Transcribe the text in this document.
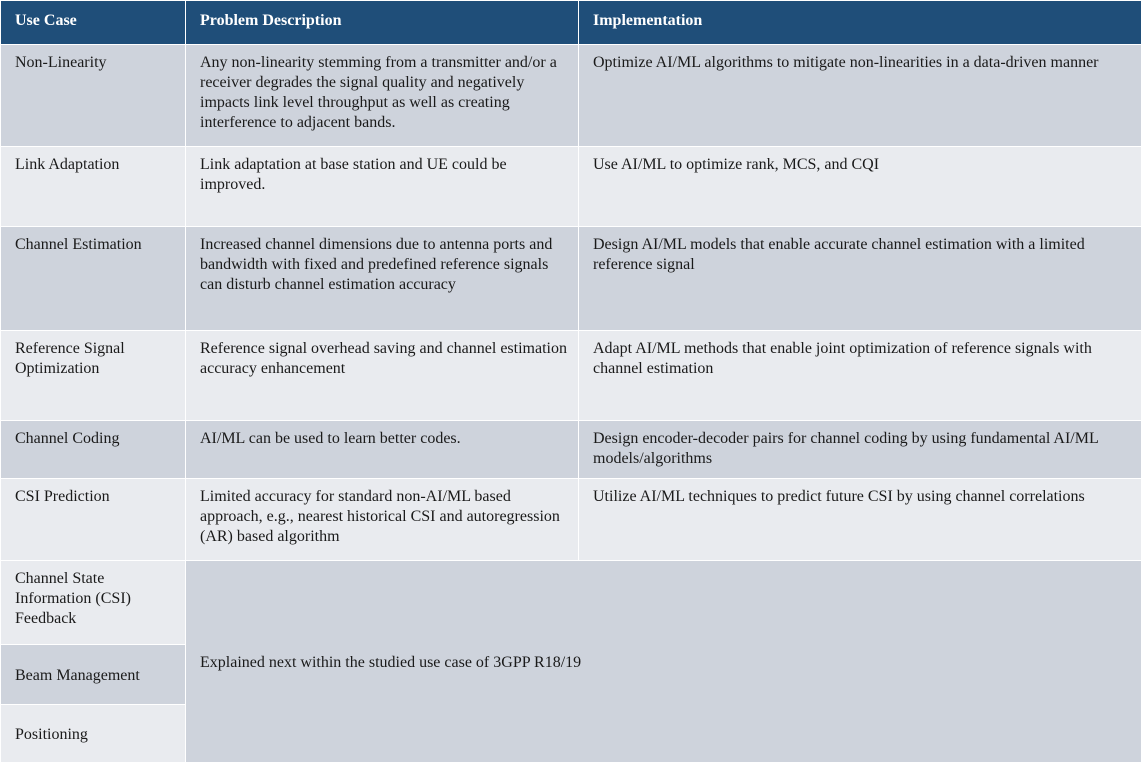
Use Case	Problem Description	Implementation
Non-Linearity	Any non-linearity stemming from a transmitter and/or a receiver degrades the signal quality and negatively impacts link level throughput as well as creating interference to adjacent bands.	Optimize AI/ML algorithms to mitigate non-linearities in a data-driven manner
Link Adaptation	Link adaptation at base station and UE could be improved.	Use AI/ML to optimize rank, MCS, and CQI
Channel Estimation	Increased channel dimensions due to antenna ports and bandwidth with fixed and predefined reference signals can disturb channel estimation accuracy	Design AI/ML models that enable accurate channel estimation with a limited reference signal
Reference Signal Optimization	Reference signal overhead saving and channel estimation accuracy enhancement	Adapt AI/ML methods that enable joint optimization of reference signals with channel estimation
Channel Coding	AI/ML can be used to learn better codes.	Design encoder-decoder pairs for channel coding by using fundamental AI/ML models/algorithms
CSI Prediction	Limited accuracy for standard non-AI/ML based approach, e.g., nearest historical CSI and autoregression (AR) based algorithm	Utilize AI/ML techniques to predict future CSI by using channel correlations
Channel State Information (CSI) Feedback	Explained next within the studied use case of 3GPP R18/19	
Beam Management		
Positioning		
